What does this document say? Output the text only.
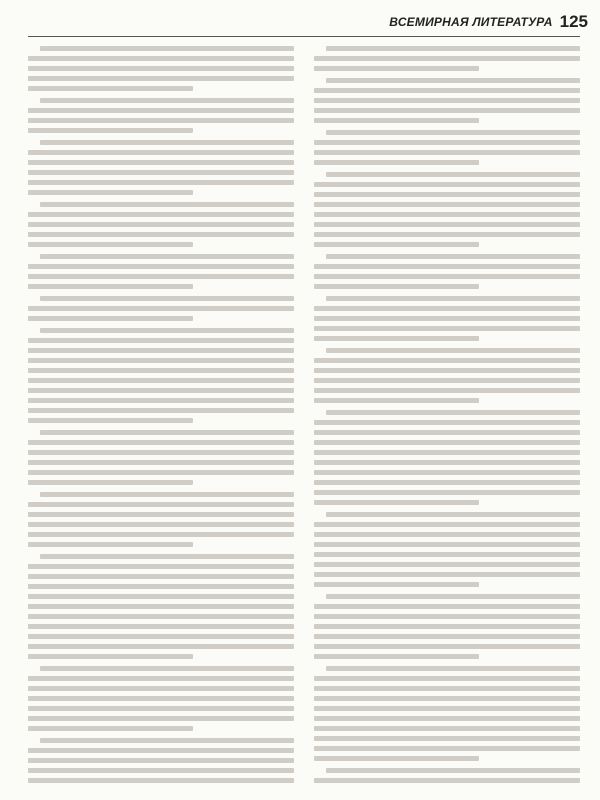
ВСЕМИРНАЯ ЛИТЕРАТУРА 125
